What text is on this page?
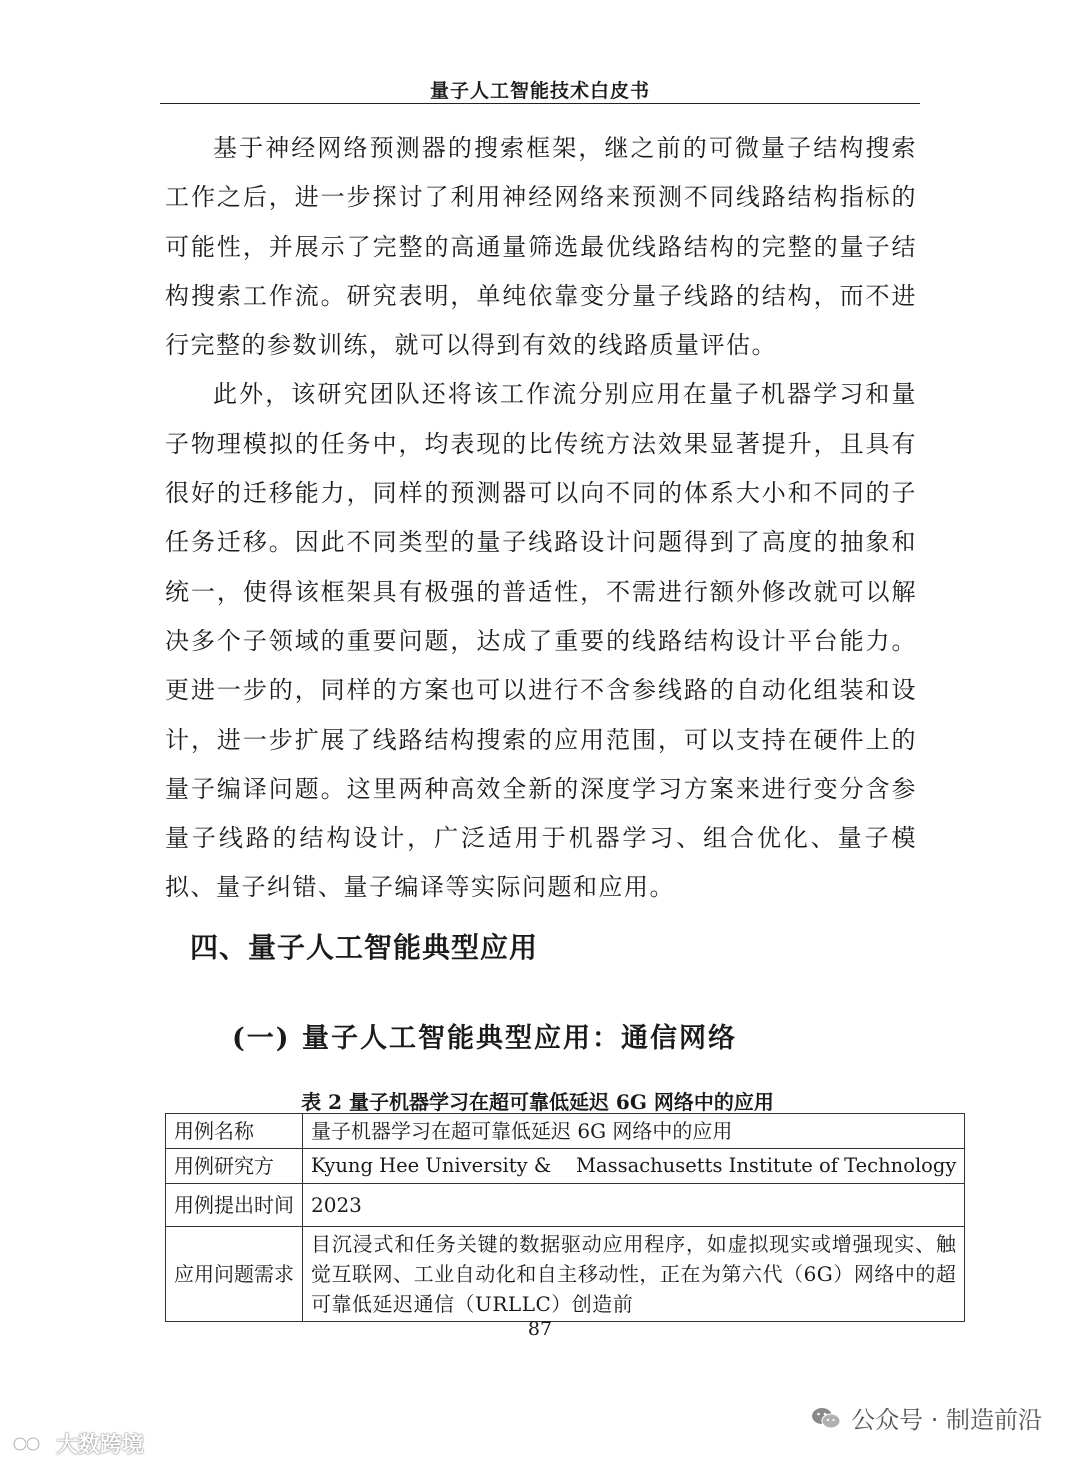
量子人工智能技术白皮书

基于神经网络预测器的搜索框架，继之前的可微量子结构搜索工作之后，进一步探讨了利用神经网络来预测不同线路结构指标的可能性，并展示了完整的高通量筛选最优线路结构的完整的量子结构搜索工作流。研究表明，单纯依靠变分量子线路的结构，而不进行完整的参数训练，就可以得到有效的线路质量评估。

此外，该研究团队还将该工作流分别应用在量子机器学习和量子物理模拟的任务中，均表现的比传统方法效果显著提升，且具有很好的迁移能力，同样的预测器可以向不同的体系大小和不同的子任务迁移。因此不同类型的量子线路设计问题得到了高度的抽象和统一，使得该框架具有极强的普适性，不需进行额外修改就可以解决多个子领域的重要问题，达成了重要的线路结构设计平台能力。更进一步的，同样的方案也可以进行不含参线路的自动化组装和设计，进一步扩展了线路结构搜索的应用范围，可以支持在硬件上的量子编译问题。这里两种高效全新的深度学习方案来进行变分含参量子线路的结构设计，广泛适用于机器学习、组合优化、量子模拟、量子纠错、量子编译等实际问题和应用。

四、量子人工智能典型应用
(一) 量子人工智能典型应用：通信网络
表 2 量子机器学习在超可靠低延迟 6G 网络中的应用
用例名称	量子机器学习在超可靠低延迟 6G 网络中的应用
用例研究方	Kyung Hee University &    Massachusetts Institute of Technology
用例提出时间	2023
应用问题需求	目沉浸式和任务关键的数据驱动应用程序，如虚拟现实或增强现实、触觉互联网、工业自动化和自主移动性，正在为第六代（6G）网络中的超可靠低延迟通信（URLLC）创造前
87
公众号 · 制造前沿
大数跨境
